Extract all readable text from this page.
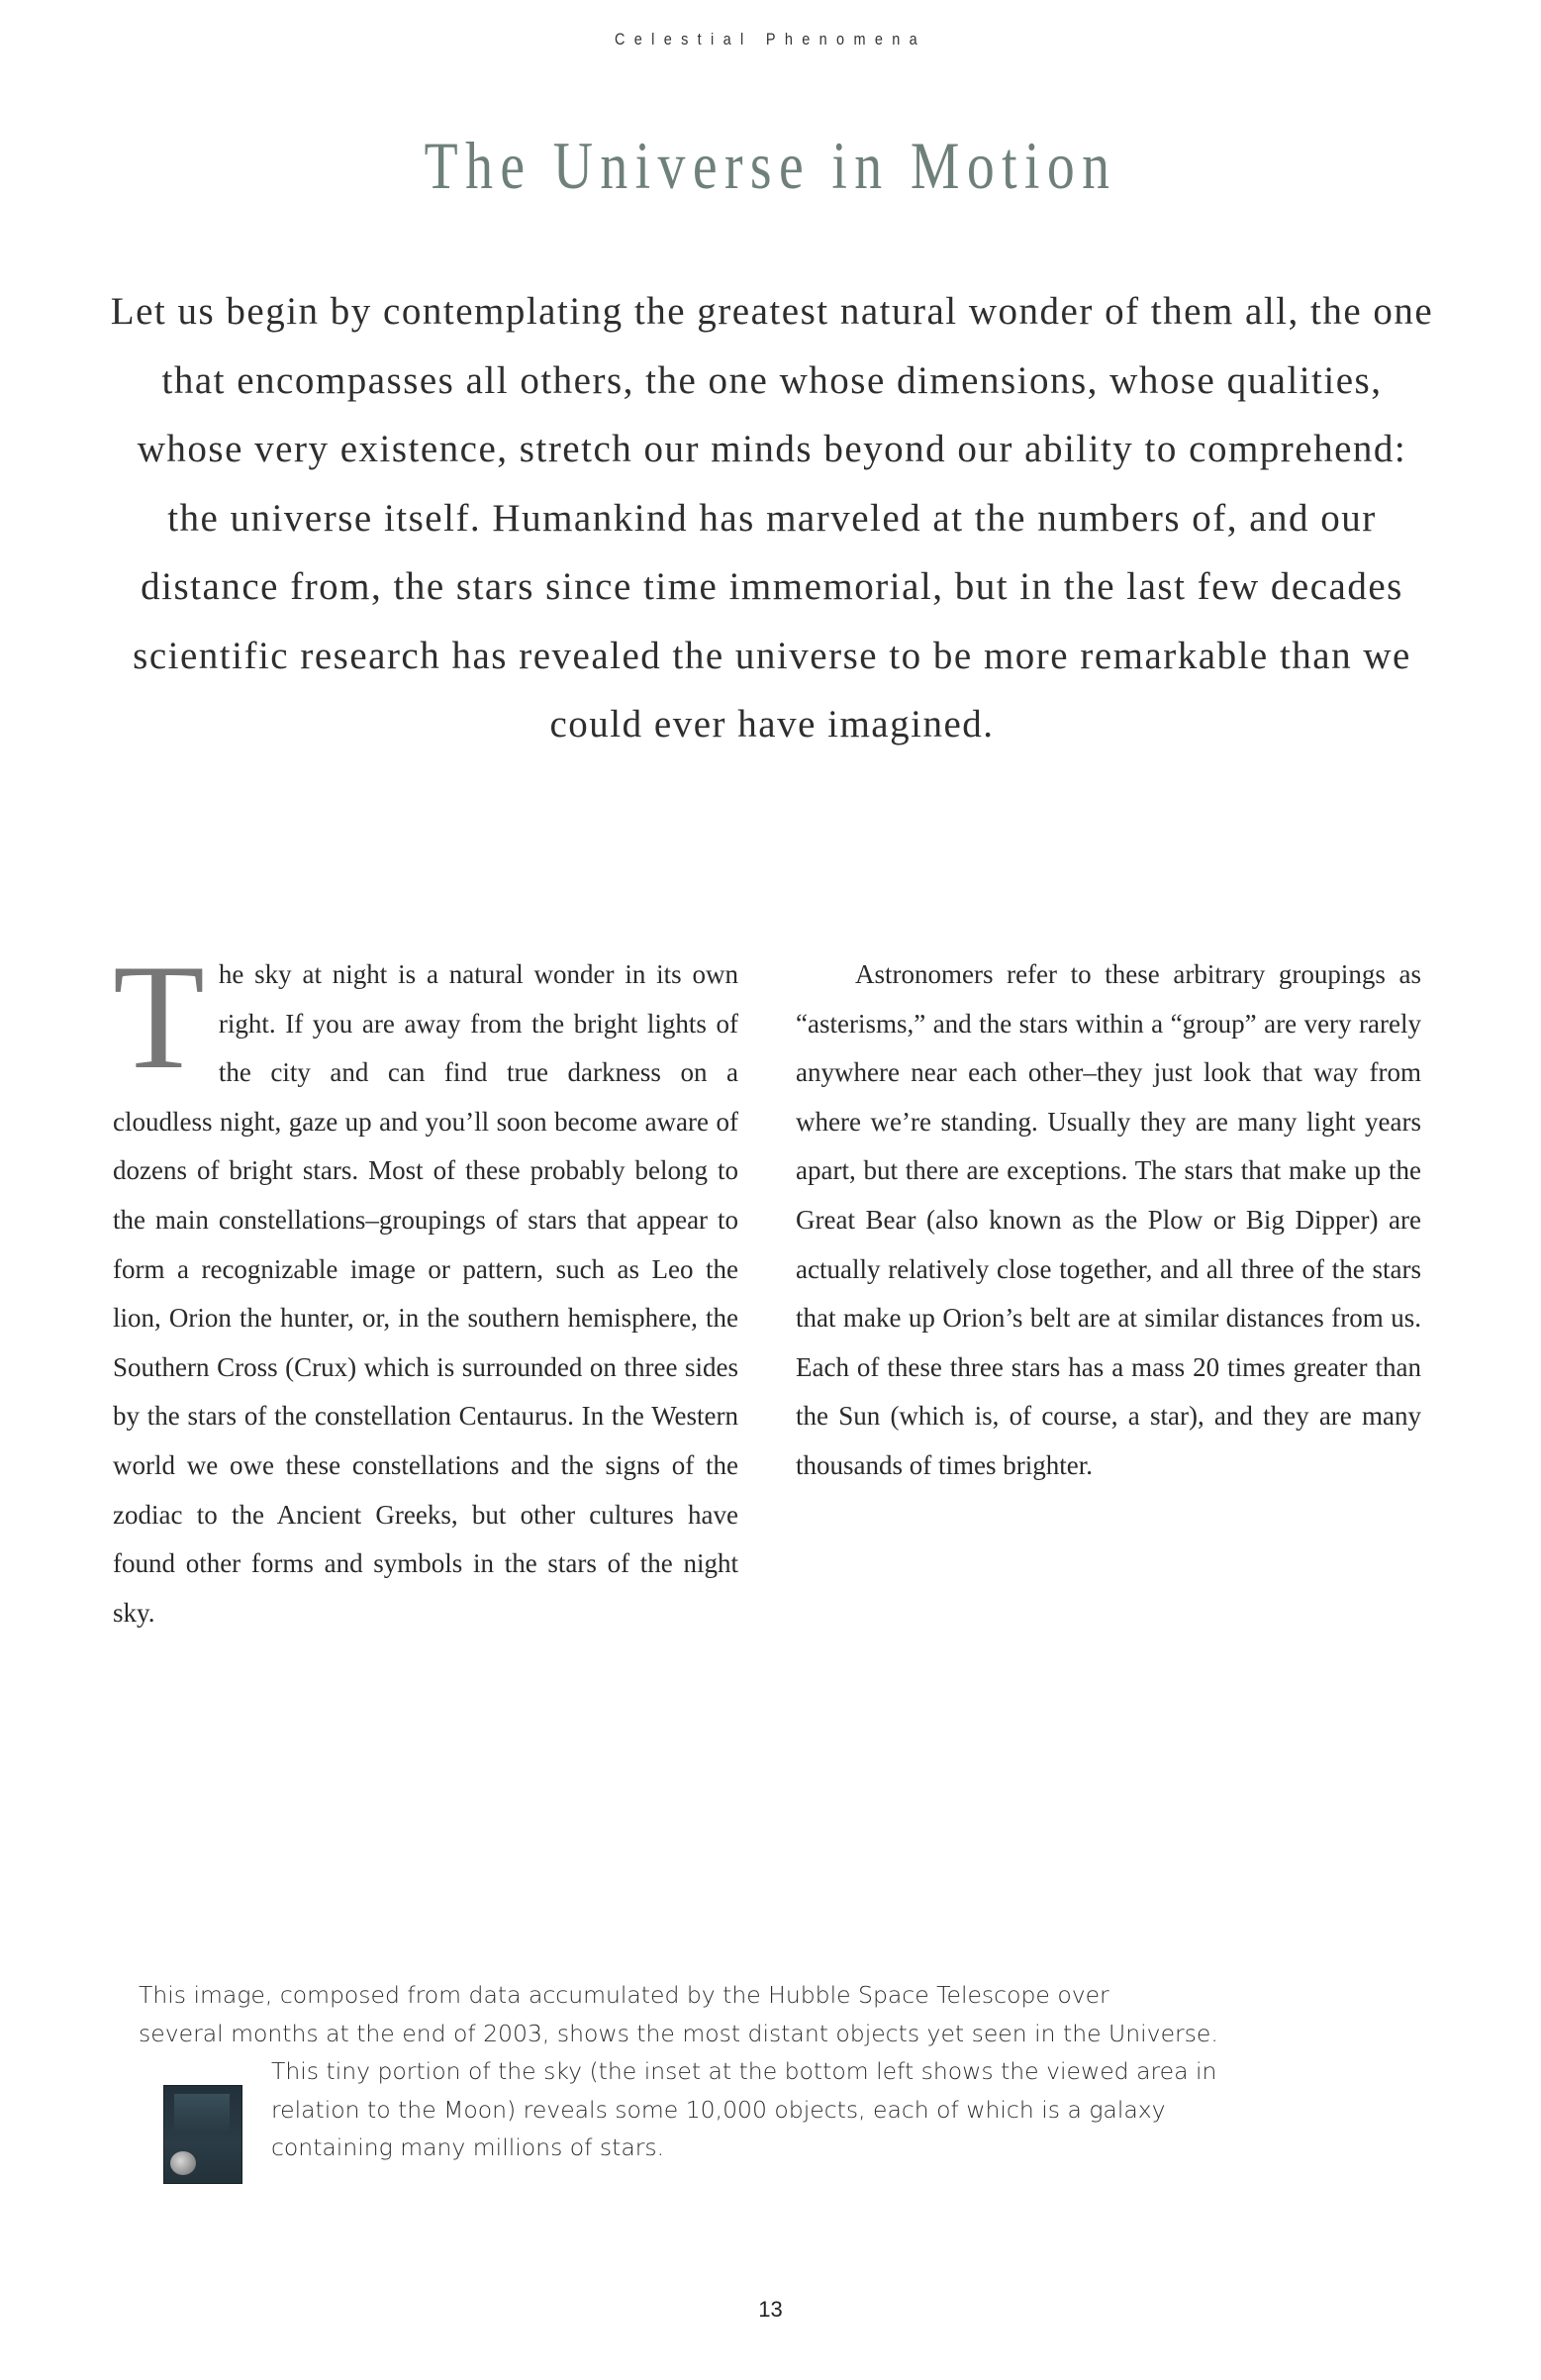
Celestial Phenomena
The Universe in Motion

Let us begin by contemplating the greatest natural wonder of them all, the one that encompasses all others, the one whose dimensions, whose qualities, whose very existence, stretch our minds beyond our ability to comprehend: the universe itself. Humankind has marveled at the numbers of, and our distance from, the stars since time immemorial, but in the last few decades scientific research has revealed the universe to be more remarkable than we could ever have imagined.

The sky at night is a natural wonder in its own right. If you are away from the bright lights of the city and can find true darkness on a cloudless night, gaze up and you’ll soon become aware of dozens of bright stars. Most of these probably belong to the main constellations–groupings of stars that appear to form a recognizable image or pattern, such as Leo the lion, Orion the hunter, or, in the southern hemisphere, the Southern Cross (Crux) which is surrounded on three sides by the stars of the constellation Centaurus. In the Western world we owe these constellations and the signs of the zodiac to the Ancient Greeks, but other cultures have found other forms and symbols in the stars of the night sky.

Astronomers refer to these arbitrary groupings as “asterisms,” and the stars within a “group” are very rarely anywhere near each other–they just look that way from where we’re standing. Usually they are many light years apart, but there are exceptions. The stars that make up the Great Bear (also known as the Plow or Big Dipper) are actually relatively close together, and all three of the stars that make up Orion’s belt are at similar distances from us. Each of these three stars has a mass 20 times greater than the Sun (which is, of course, a star), and they are many thousands of times brighter.

This image, composed from data accumulated by the Hubble Space Telescope over

several months at the end of 2003, shows the most distant objects yet seen in the Universe.

This tiny portion of the sky (the inset at the bottom left shows the viewed area in relation to the Moon) reveals some 10,000 objects, each of which is a galaxy containing many millions of stars.

13
